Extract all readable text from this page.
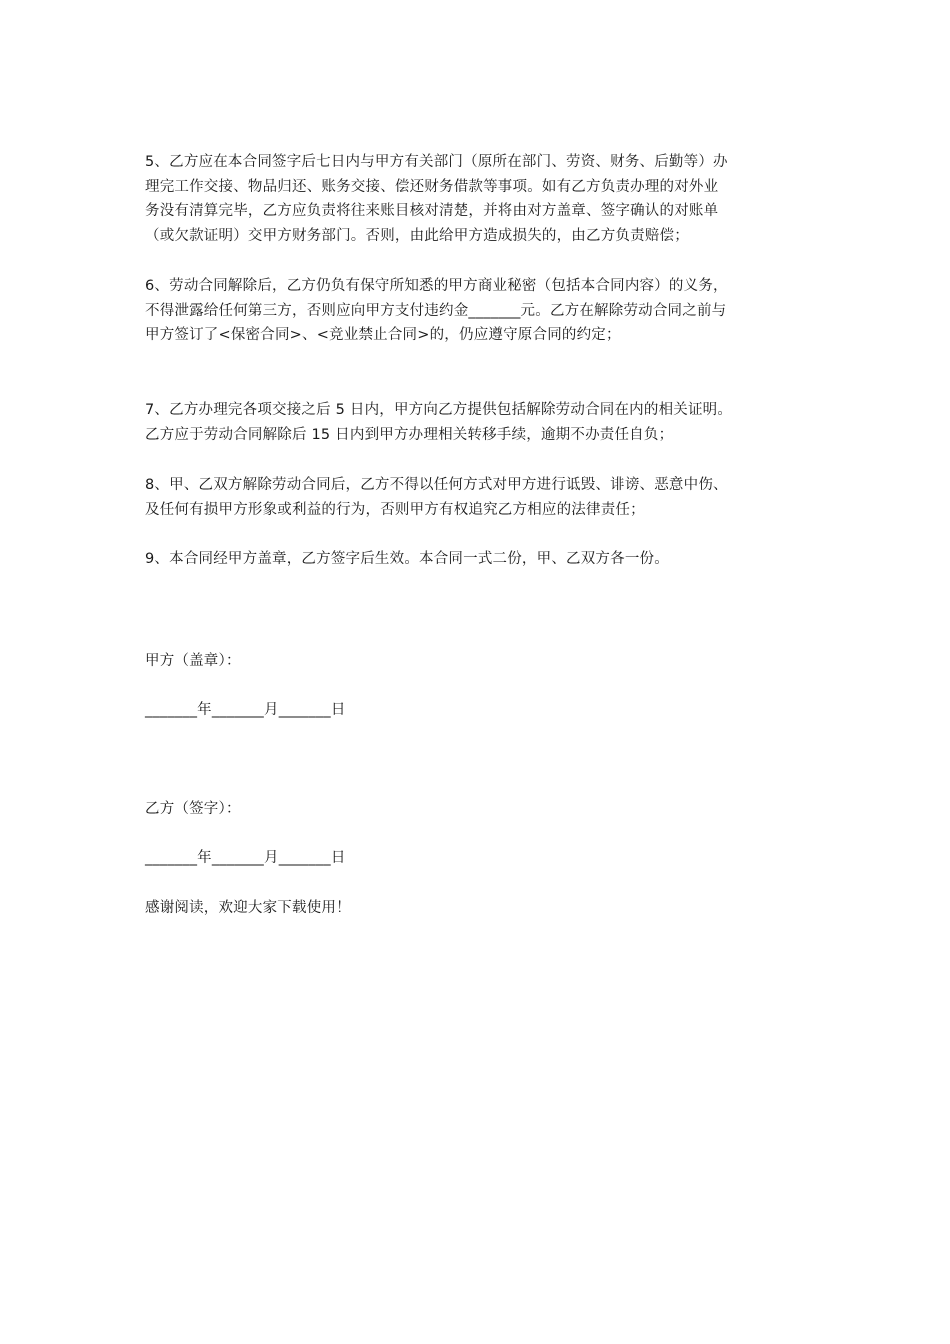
5、乙方应在本合同签字后七日内与甲方有关部门（原所在部门、劳资、财务、后勤等）办
理完工作交接、物品归还、账务交接、偿还财务借款等事项。如有乙方负责办理的对外业
务没有清算完毕，乙方应负责将往来账目核对清楚，并将由对方盖章、签字确认的对账单
（或欠款证明）交甲方财务部门。否则，由此给甲方造成损失的，由乙方负责赔偿；
6、劳动合同解除后，乙方仍负有保守所知悉的甲方商业秘密（包括本合同内容）的义务，
不得泄露给任何第三方，否则应向甲方支付违约金_______元。乙方在解除劳动合同之前与
甲方签订了<保密合同>、<竞业禁止合同>的，仍应遵守原合同的约定；
7、乙方办理完各项交接之后 5 日内，甲方向乙方提供包括解除劳动合同在内的相关证明。
乙方应于劳动合同解除后 15 日内到甲方办理相关转移手续，逾期不办责任自负；
8、甲、乙双方解除劳动合同后，乙方不得以任何方式对甲方进行诋毁、诽谤、恶意中伤、
及任何有损甲方形象或利益的行为，否则甲方有权追究乙方相应的法律责任；
9、本合同经甲方盖章，乙方签字后生效。本合同一式二份，甲、乙双方各一份。
甲方（盖章）：
_______年_______月_______日
乙方（签字）：
_______年_______月_______日
感谢阅读，欢迎大家下载使用！
